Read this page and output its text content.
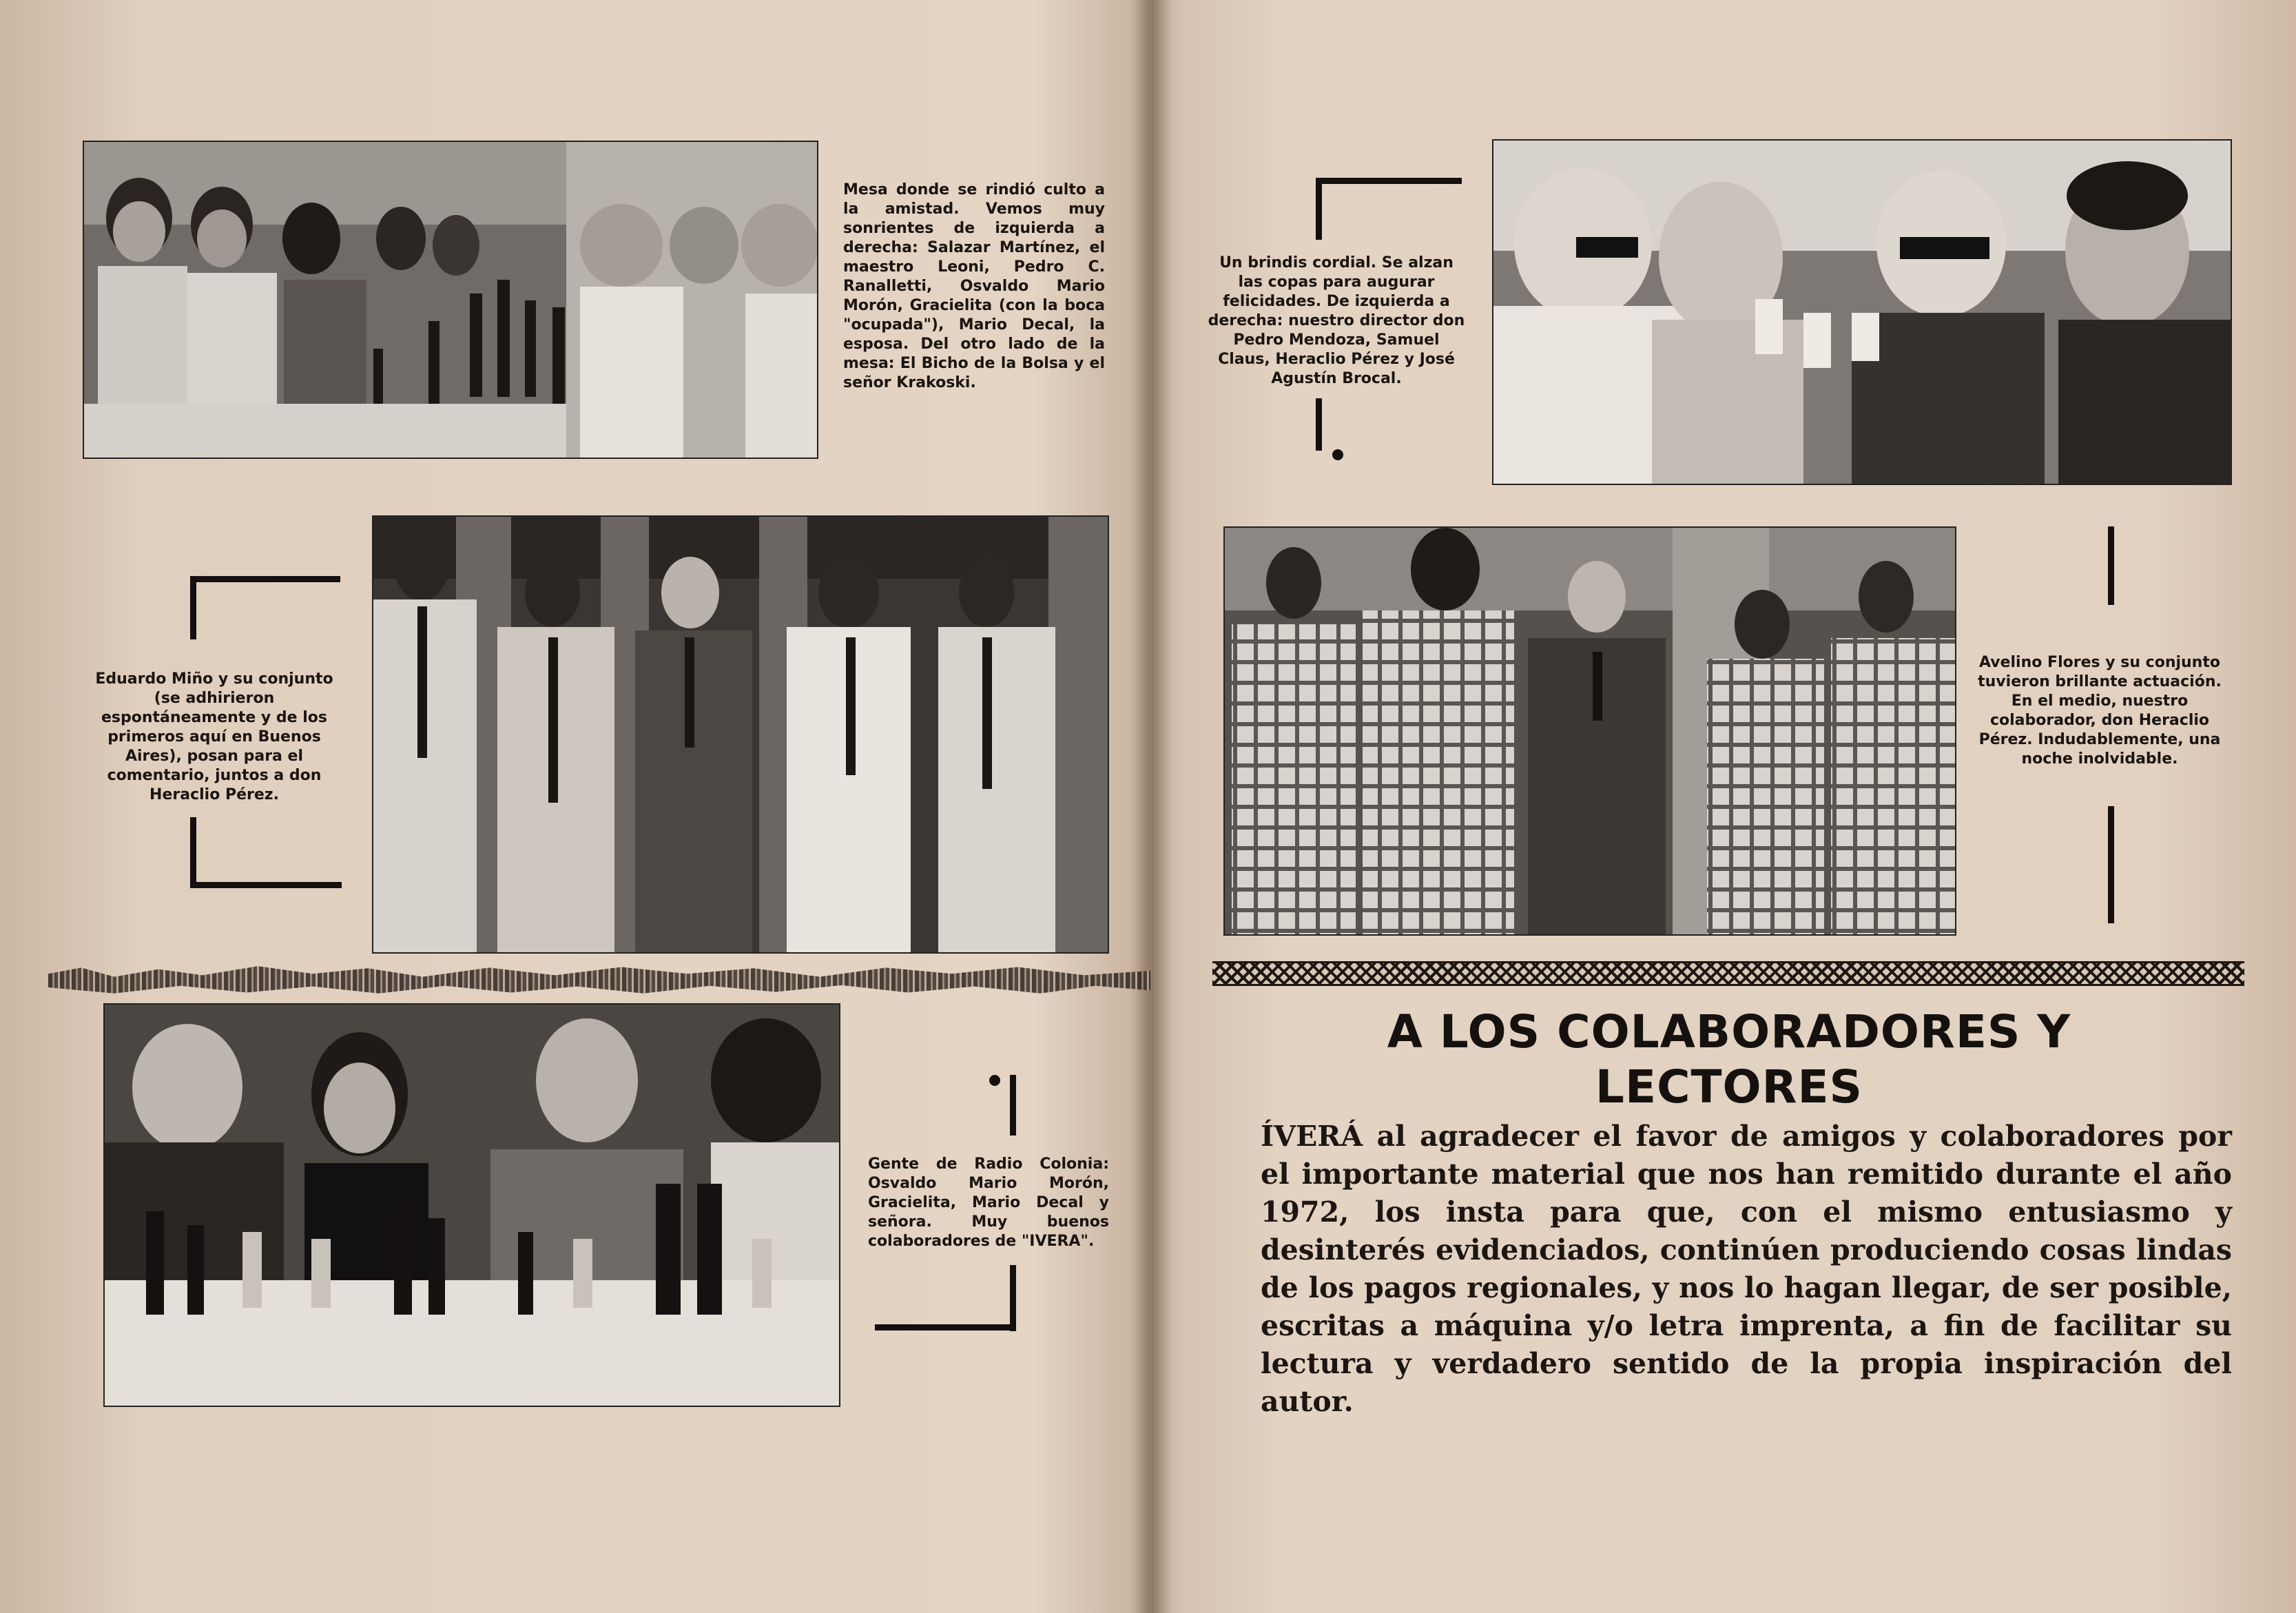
Mesa donde se rindió culto a la amistad. Vemos muy sonrientes de izquierda a derecha: Salazar Martínez, el maestro Leoni, Pedro C. Ranalletti, Osvaldo Mario Morón, Gracielita (con la boca "ocupada"), Mario Decal, la esposa. Del otro lado de la mesa: El Bicho de la Bolsa y el señor Krakoski.
Eduardo Miño y su conjunto (se adhirieron espontáneamente y de los primeros aquí en Buenos Aires), posan para el comentario, juntos a don Heraclio Pérez.
Gente de Radio Colonia: Osvaldo Mario Morón, Gracielita, Mario Decal y señora. Muy buenos colaboradores de "IVERA".
Un brindis cordial. Se alzan las copas para augurar felicidades. De izquierda a derecha: nuestro director don Pedro Mendoza, Samuel Claus, Heraclio Pérez y José Agustín Brocal.
Avelino Flores y su conjunto tuvieron brillante actuación. En el medio, nuestro colaborador, don Heraclio Pérez. Indudablemente, una noche inolvidable.
A LOS COLABORADORES Y
LECTORES
ÍVERÁ al agradecer el favor de amigos y colaboradores por el importante material que nos han remitido durante el año 1972, los insta para que, con el mismo entusiasmo y desinterés evidenciados, continúen produciendo cosas lindas de los pagos regionales, y nos lo hagan llegar, de ser posible, escritas a máquina y/o letra imprenta, a fin de facilitar su lectura y verdadero sentido de la propia inspiración del autor.
